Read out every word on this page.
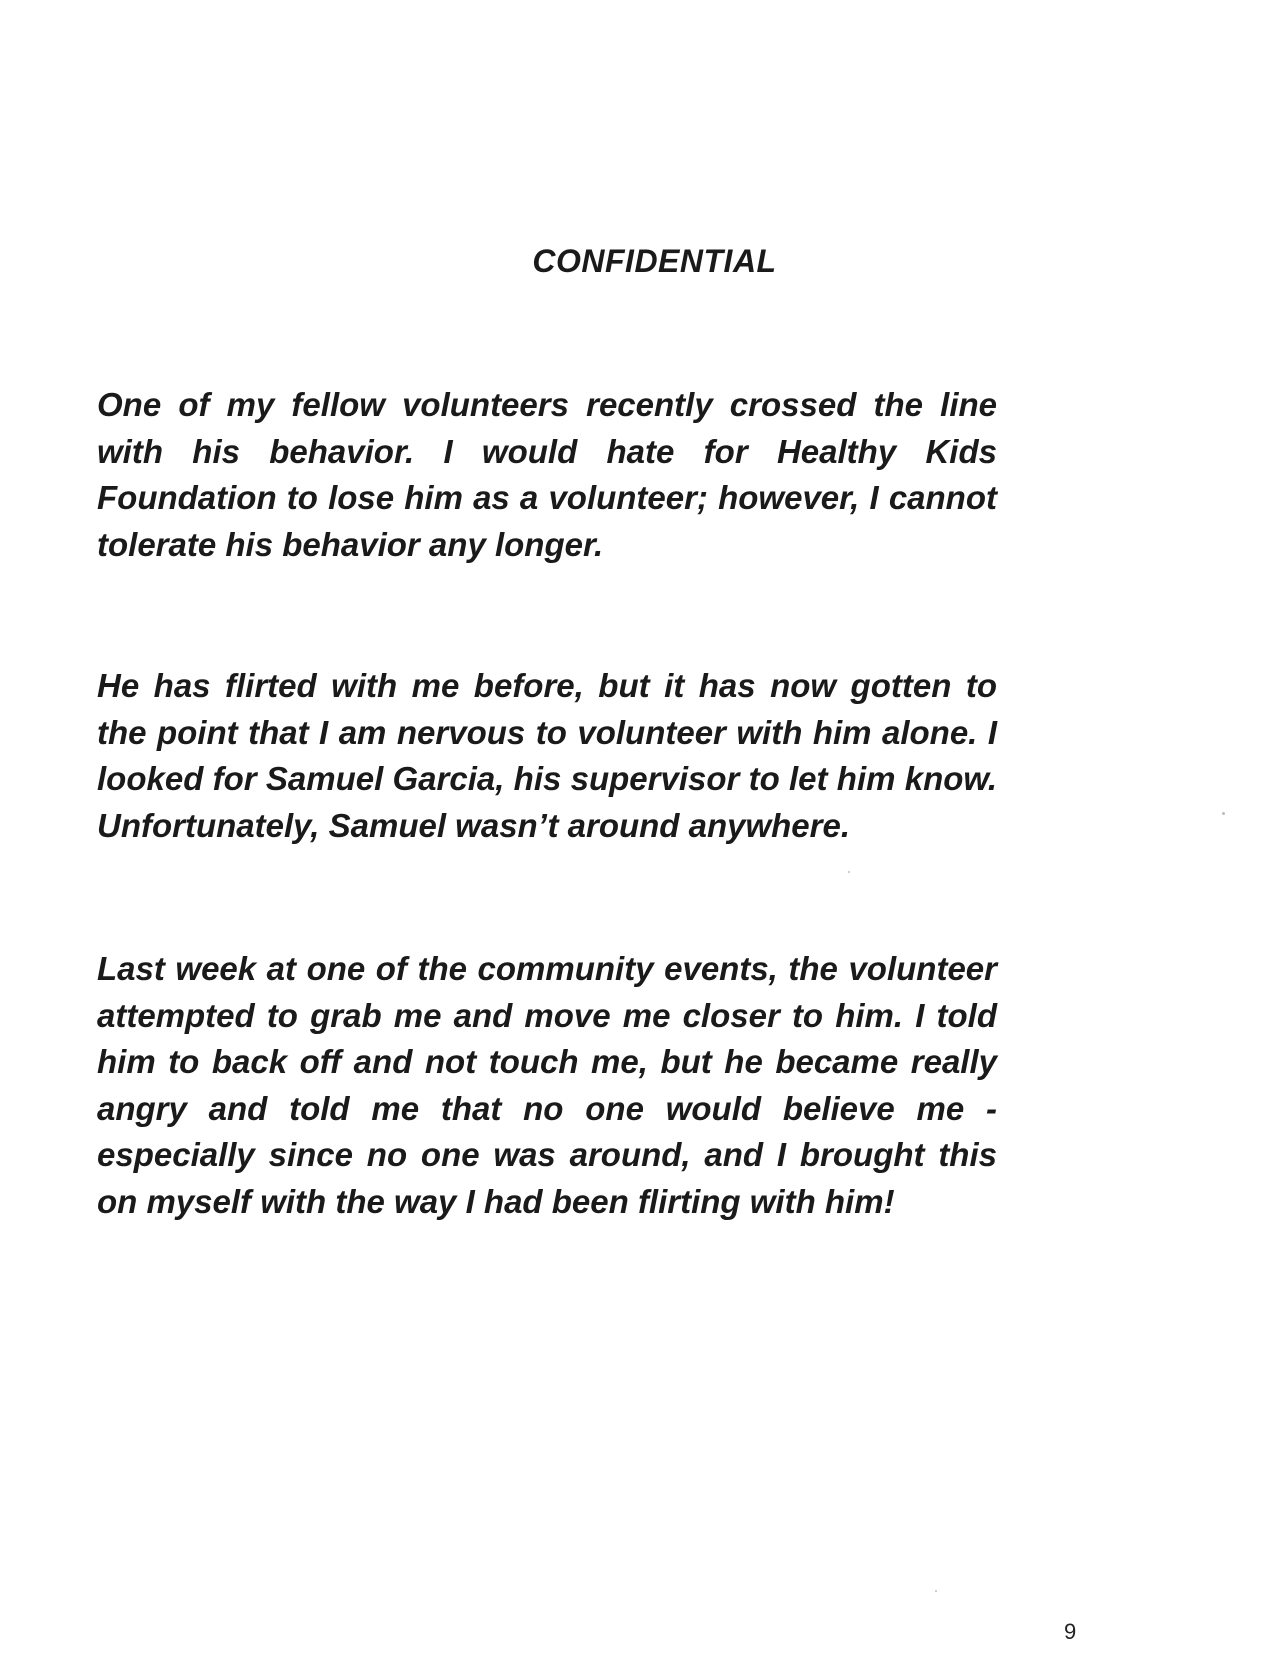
CONFIDENTIAL

One of my fellow volunteers recently crossed the line with his behavior. I would hate for Healthy Kids Foundation to lose him as a volunteer; however, I cannot tolerate his behavior any longer.

He has flirted with me before, but it has now gotten to the point that I am nervous to volunteer with him alone. I looked for Samuel Garcia, his supervisor to let him know. Unfortunately, Samuel wasn’t around anywhere.

Last week at one of the community events, the volunteer attempted to grab me and move me closer to him. I told him to back off and not touch me, but he became really angry and told me that no one would believe me - especially since no one was around, and I brought this on myself with the way I had been flirting with him!

9
